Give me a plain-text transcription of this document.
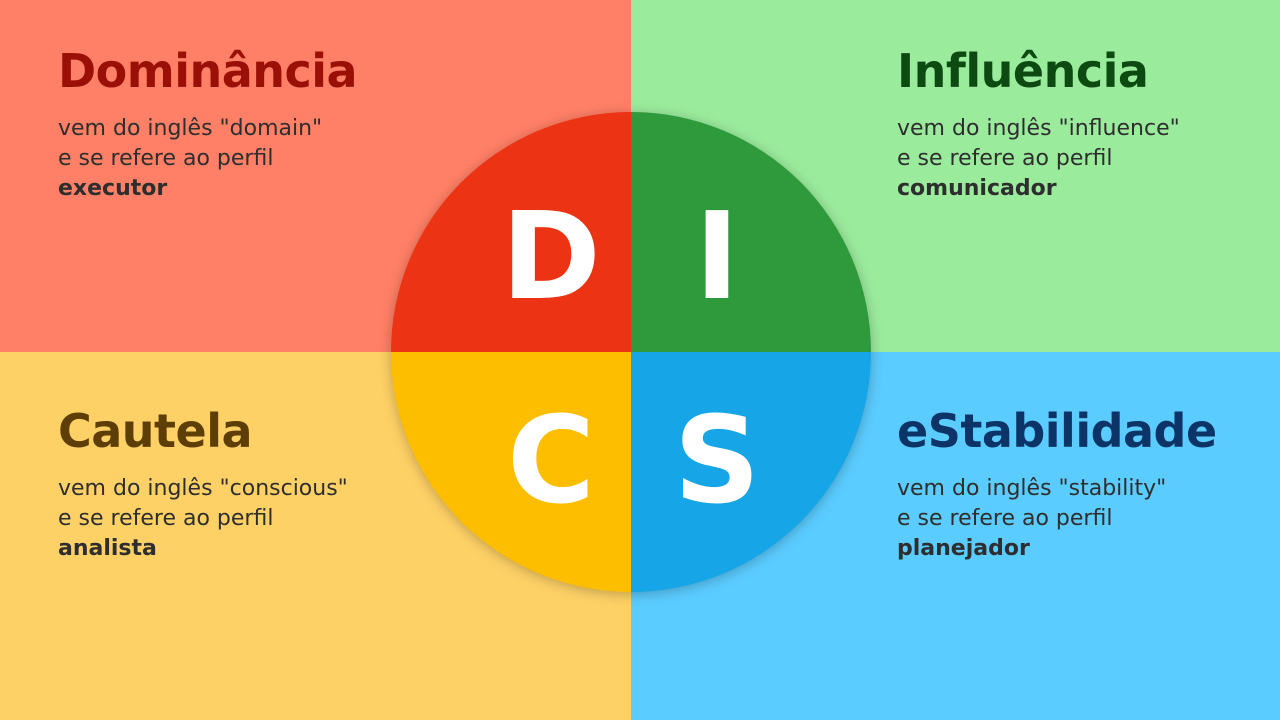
Dominância
vem do inglês "domain"
e se refere ao perfil
executor
Influência
vem do inglês "influence"
e se refere ao perfil
comunicador
Cautela
vem do inglês "conscious"
e se refere ao perfil
analista
eStabilidade
vem do inglês "stability"
e se refere ao perfil
planejador
D I
C S
